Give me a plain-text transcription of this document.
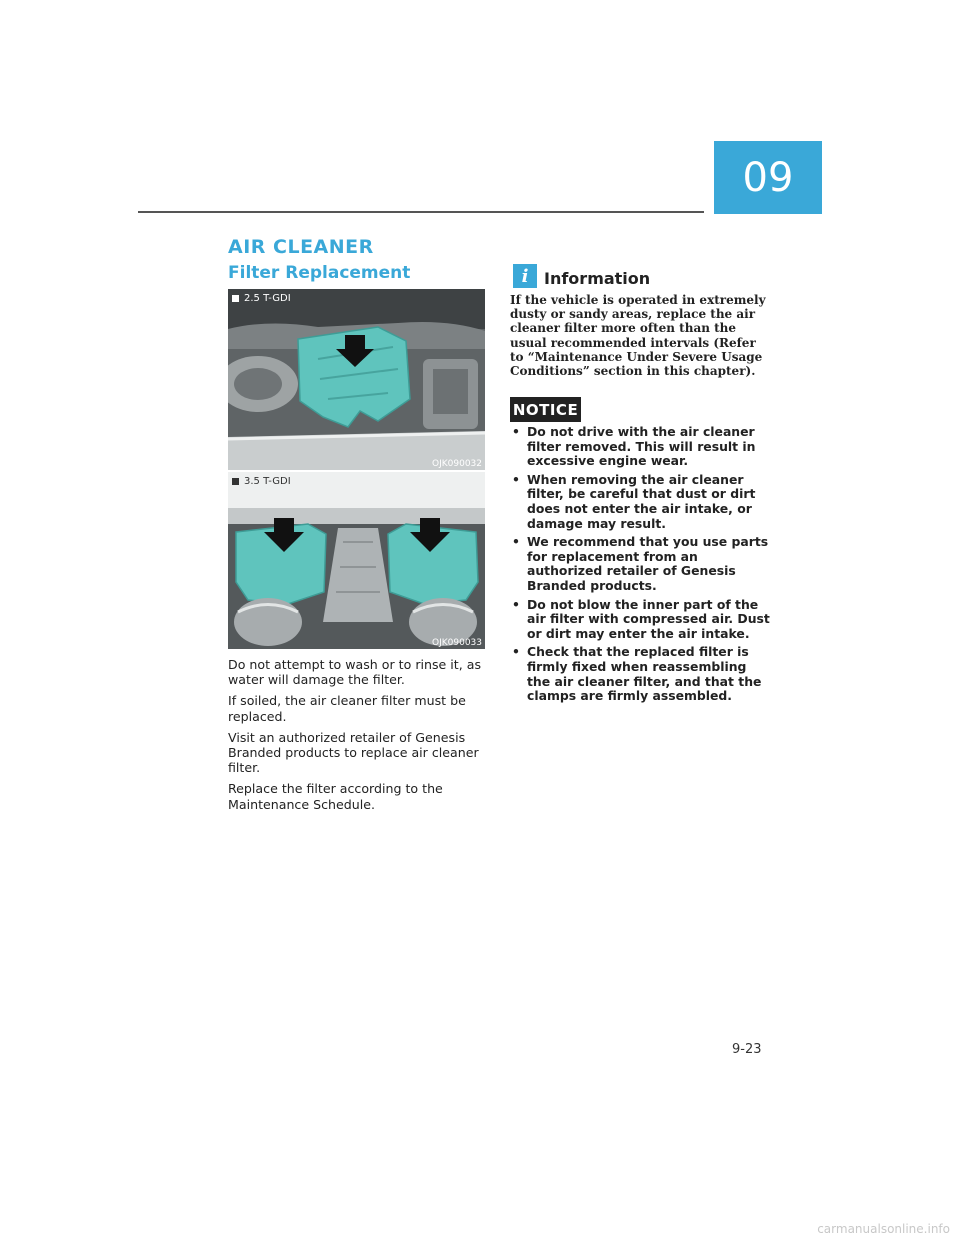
09
AIR CLEANER
Filter Replacement
2.5 T-GDI
OJK090032
3.5 T-GDI
OJK090033

Do not attempt to wash or to rinse it, as water will damage the filter.

If soiled, the air cleaner filter must be replaced.

Visit an authorized retailer of Genesis Branded products to replace air cleaner filter.

Replace the filter according to the Maintenance Schedule.

i Information
If the vehicle is operated in extremely dusty or sandy areas, replace the air cleaner filter more often than the usual recommended intervals (Refer to “Maintenance Under Severe Usage Conditions” section in this chapter).
NOTICE
• Do not drive with the air cleaner filter removed. This will result in excessive engine wear.
• When removing the air cleaner filter, be careful that dust or dirt does not enter the air intake, or damage may result.
• We recommend that you use parts for replacement from an authorized retailer of Genesis Branded products.
• Do not blow the inner part of the air filter with compressed air. Dust or dirt may enter the air intake.
• Check that the replaced filter is firmly fixed when reassembling the air cleaner filter, and that the clamps are firmly assembled.
9-23
carmanualsonline.info
